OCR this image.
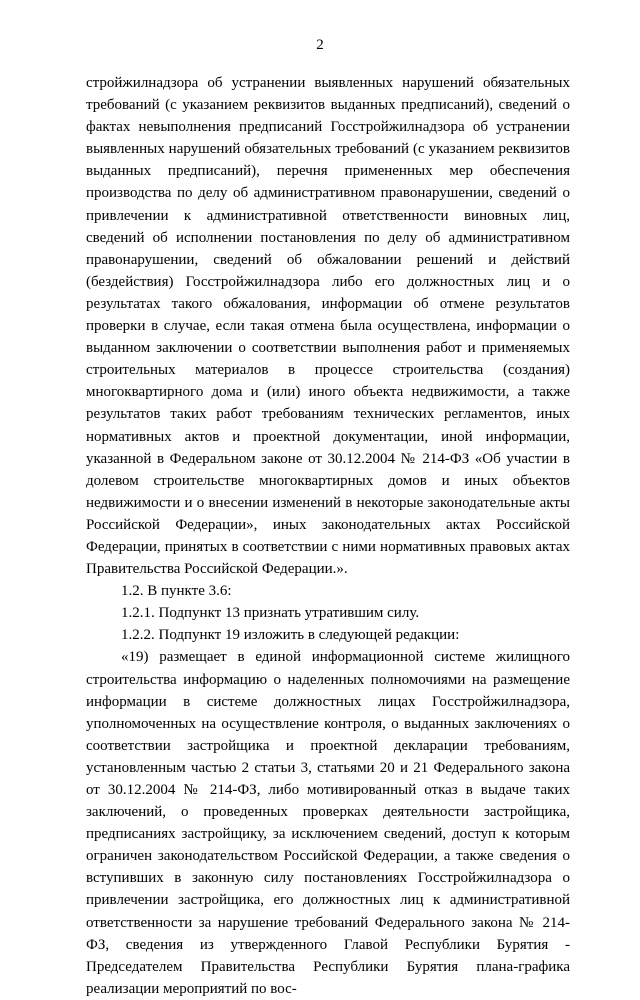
2

стройжилнадзора об устранении выявленных нарушений обязательных требований (с указанием реквизитов выданных предписаний), сведений о фактах невыполнения предписаний Госстройжилнадзора об устранении выявленных нарушений обязательных требований (с указанием реквизитов выданных предписаний), перечня примененных мер обеспечения производства по делу об административном правонарушении, сведений о привлечении к административной ответственности виновных лиц, сведений об исполнении постановления по делу об административном правонарушении, сведений об обжаловании решений и действий (бездействия) Госстройжилнадзора либо его должностных лиц и о результатах такого обжалования, информации об отмене результатов проверки в случае, если такая отмена была осуществлена, информации о выданном заключении о соответствии выполнения работ и применяемых строительных материалов в процессе строительства (создания) многоквартирного дома и (или) иного объекта недвижимости, а также результатов таких работ требованиям технических регламентов, иных нормативных актов и проектной документации, иной информации, указанной в Федеральном законе от 30.12.2004 № 214-ФЗ «Об участии в долевом строительстве многоквартирных домов и иных объектов недвижимости и о внесении изменений в некоторые законодательные акты Российской Федерации», иных законодательных актах Российской Федерации, принятых в соответствии с ними нормативных правовых актах Правительства Российской Федерации.».

1.2. В пункте 3.6:

1.2.1. Подпункт 13 признать утратившим силу.

1.2.2. Подпункт 19 изложить в следующей редакции:

«19) размещает в единой информационной системе жилищного строительства информацию о наделенных полномочиями на размещение информации в системе должностных лицах Госстройжилнадзора, уполномоченных на осуществление контроля, о выданных заключениях о соответствии застройщика и проектной декларации требованиям, установленным частью 2 статьи 3, статьями 20 и 21 Федерального закона от 30.12.2004 № 214-ФЗ, либо мотивированный отказ в выдаче таких заключений, о проведенных проверках деятельности застройщика, предписаниях застройщику, за исключением сведений, доступ к которым ограничен законодательством Российской Федерации, а также сведения о вступивших в законную силу постановлениях Госстройжилнадзора о привлечении застройщика, его должностных лиц к административной ответственности за нарушение требований Федерального закона № 214-ФЗ, сведения из утвержденного Главой Республики Бурятия - Председателем Правительства Республики Бурятия плана-графика реализации мероприятий по вос-
